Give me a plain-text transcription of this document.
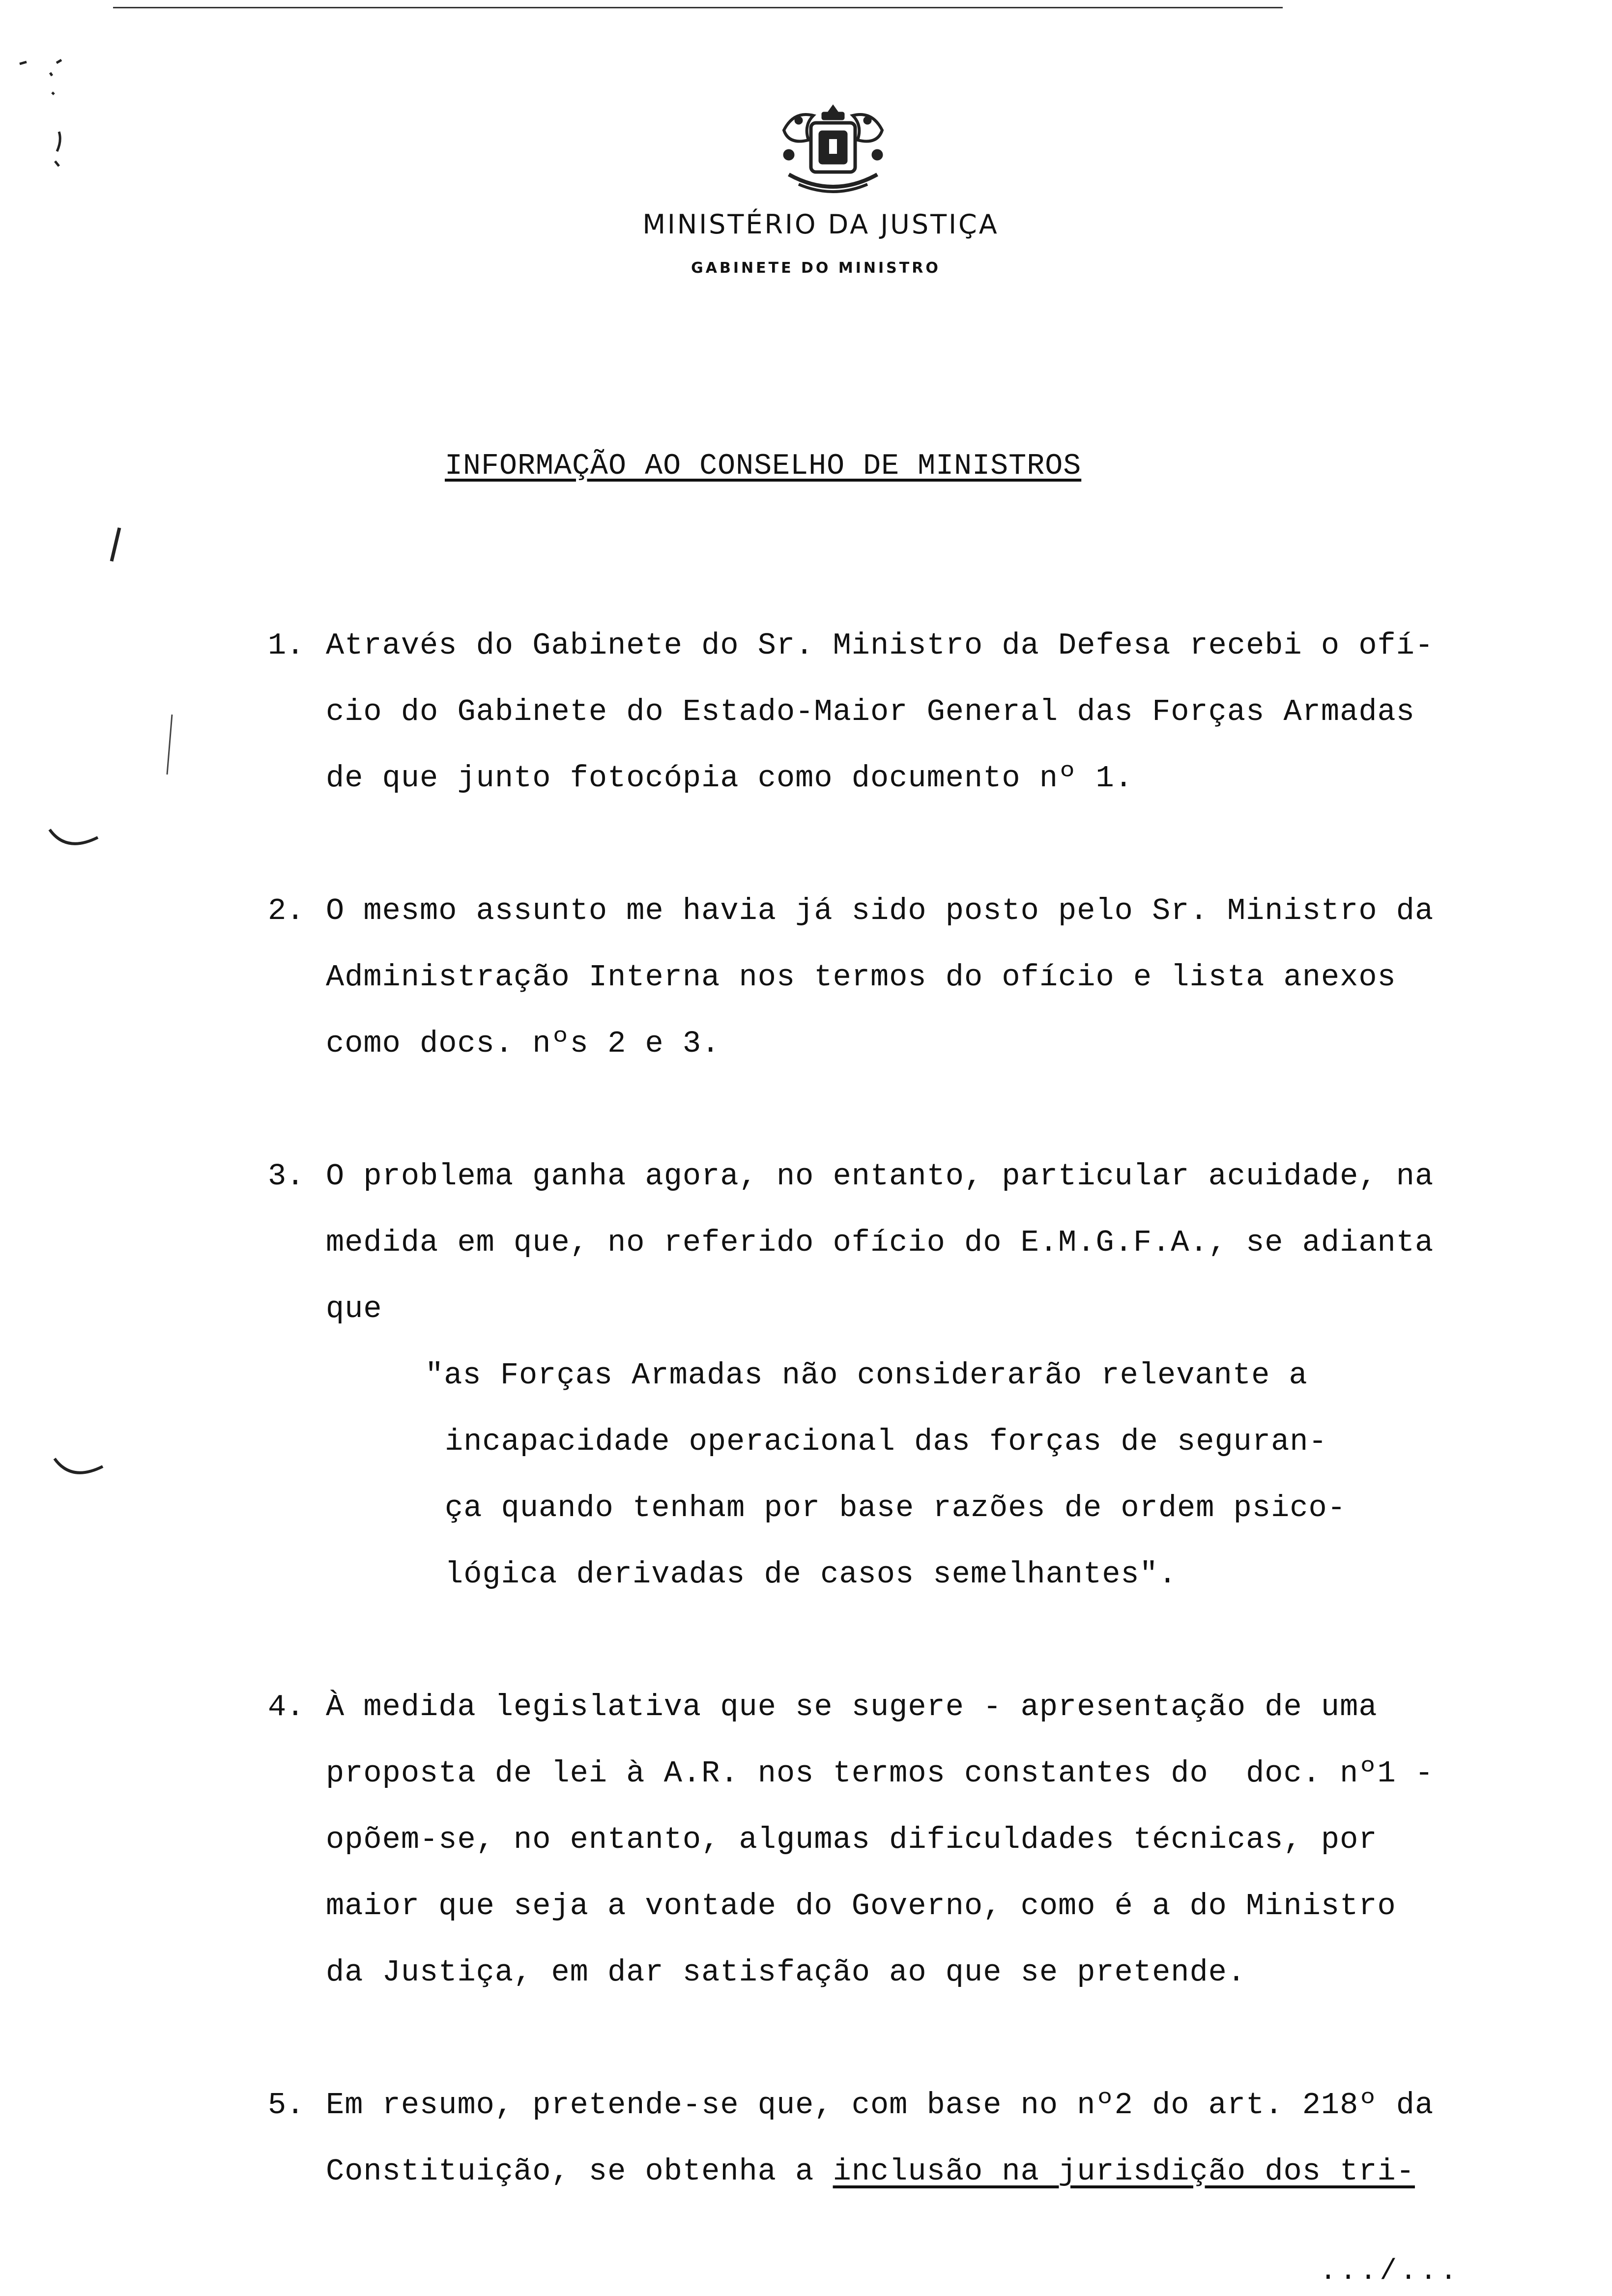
MINISTÉRIO DA JUSTIÇA
GABINETE DO MINISTRO
INFORMAÇÃO AO CONSELHO DE MINISTROS
1. Através do Gabinete do Sr. Ministro da Defesa recebi o ofí-
cio do Gabinete do Estado-Maior General das Forças Armadas
de que junto fotocópia como documento nº 1.
2. O mesmo assunto me havia já sido posto pelo Sr. Ministro da
Administração Interna nos termos do ofício e lista anexos
como docs. nºs 2 e 3.
3. O problema ganha agora, no entanto, particular acuidade, na
medida em que, no referido ofício do E.M.G.F.A., se adianta
que
"as Forças Armadas não considerarão relevante a
incapacidade operacional das forças de seguran-
ça quando tenham por base razões de ordem psico-
lógica derivadas de casos semelhantes".
4. À medida legislativa que se sugere - apresentação de uma
proposta de lei à A.R. nos termos constantes do  doc. nº1 -
opõem-se, no entanto, algumas dificuldades técnicas, por
maior que seja a vontade do Governo, como é a do Ministro
da Justiça, em dar satisfação ao que se pretende.
5. Em resumo, pretende-se que, com base no nº2 do art. 218º da
Constituição, se obtenha a inclusão na jurisdição dos tri-
.../...
